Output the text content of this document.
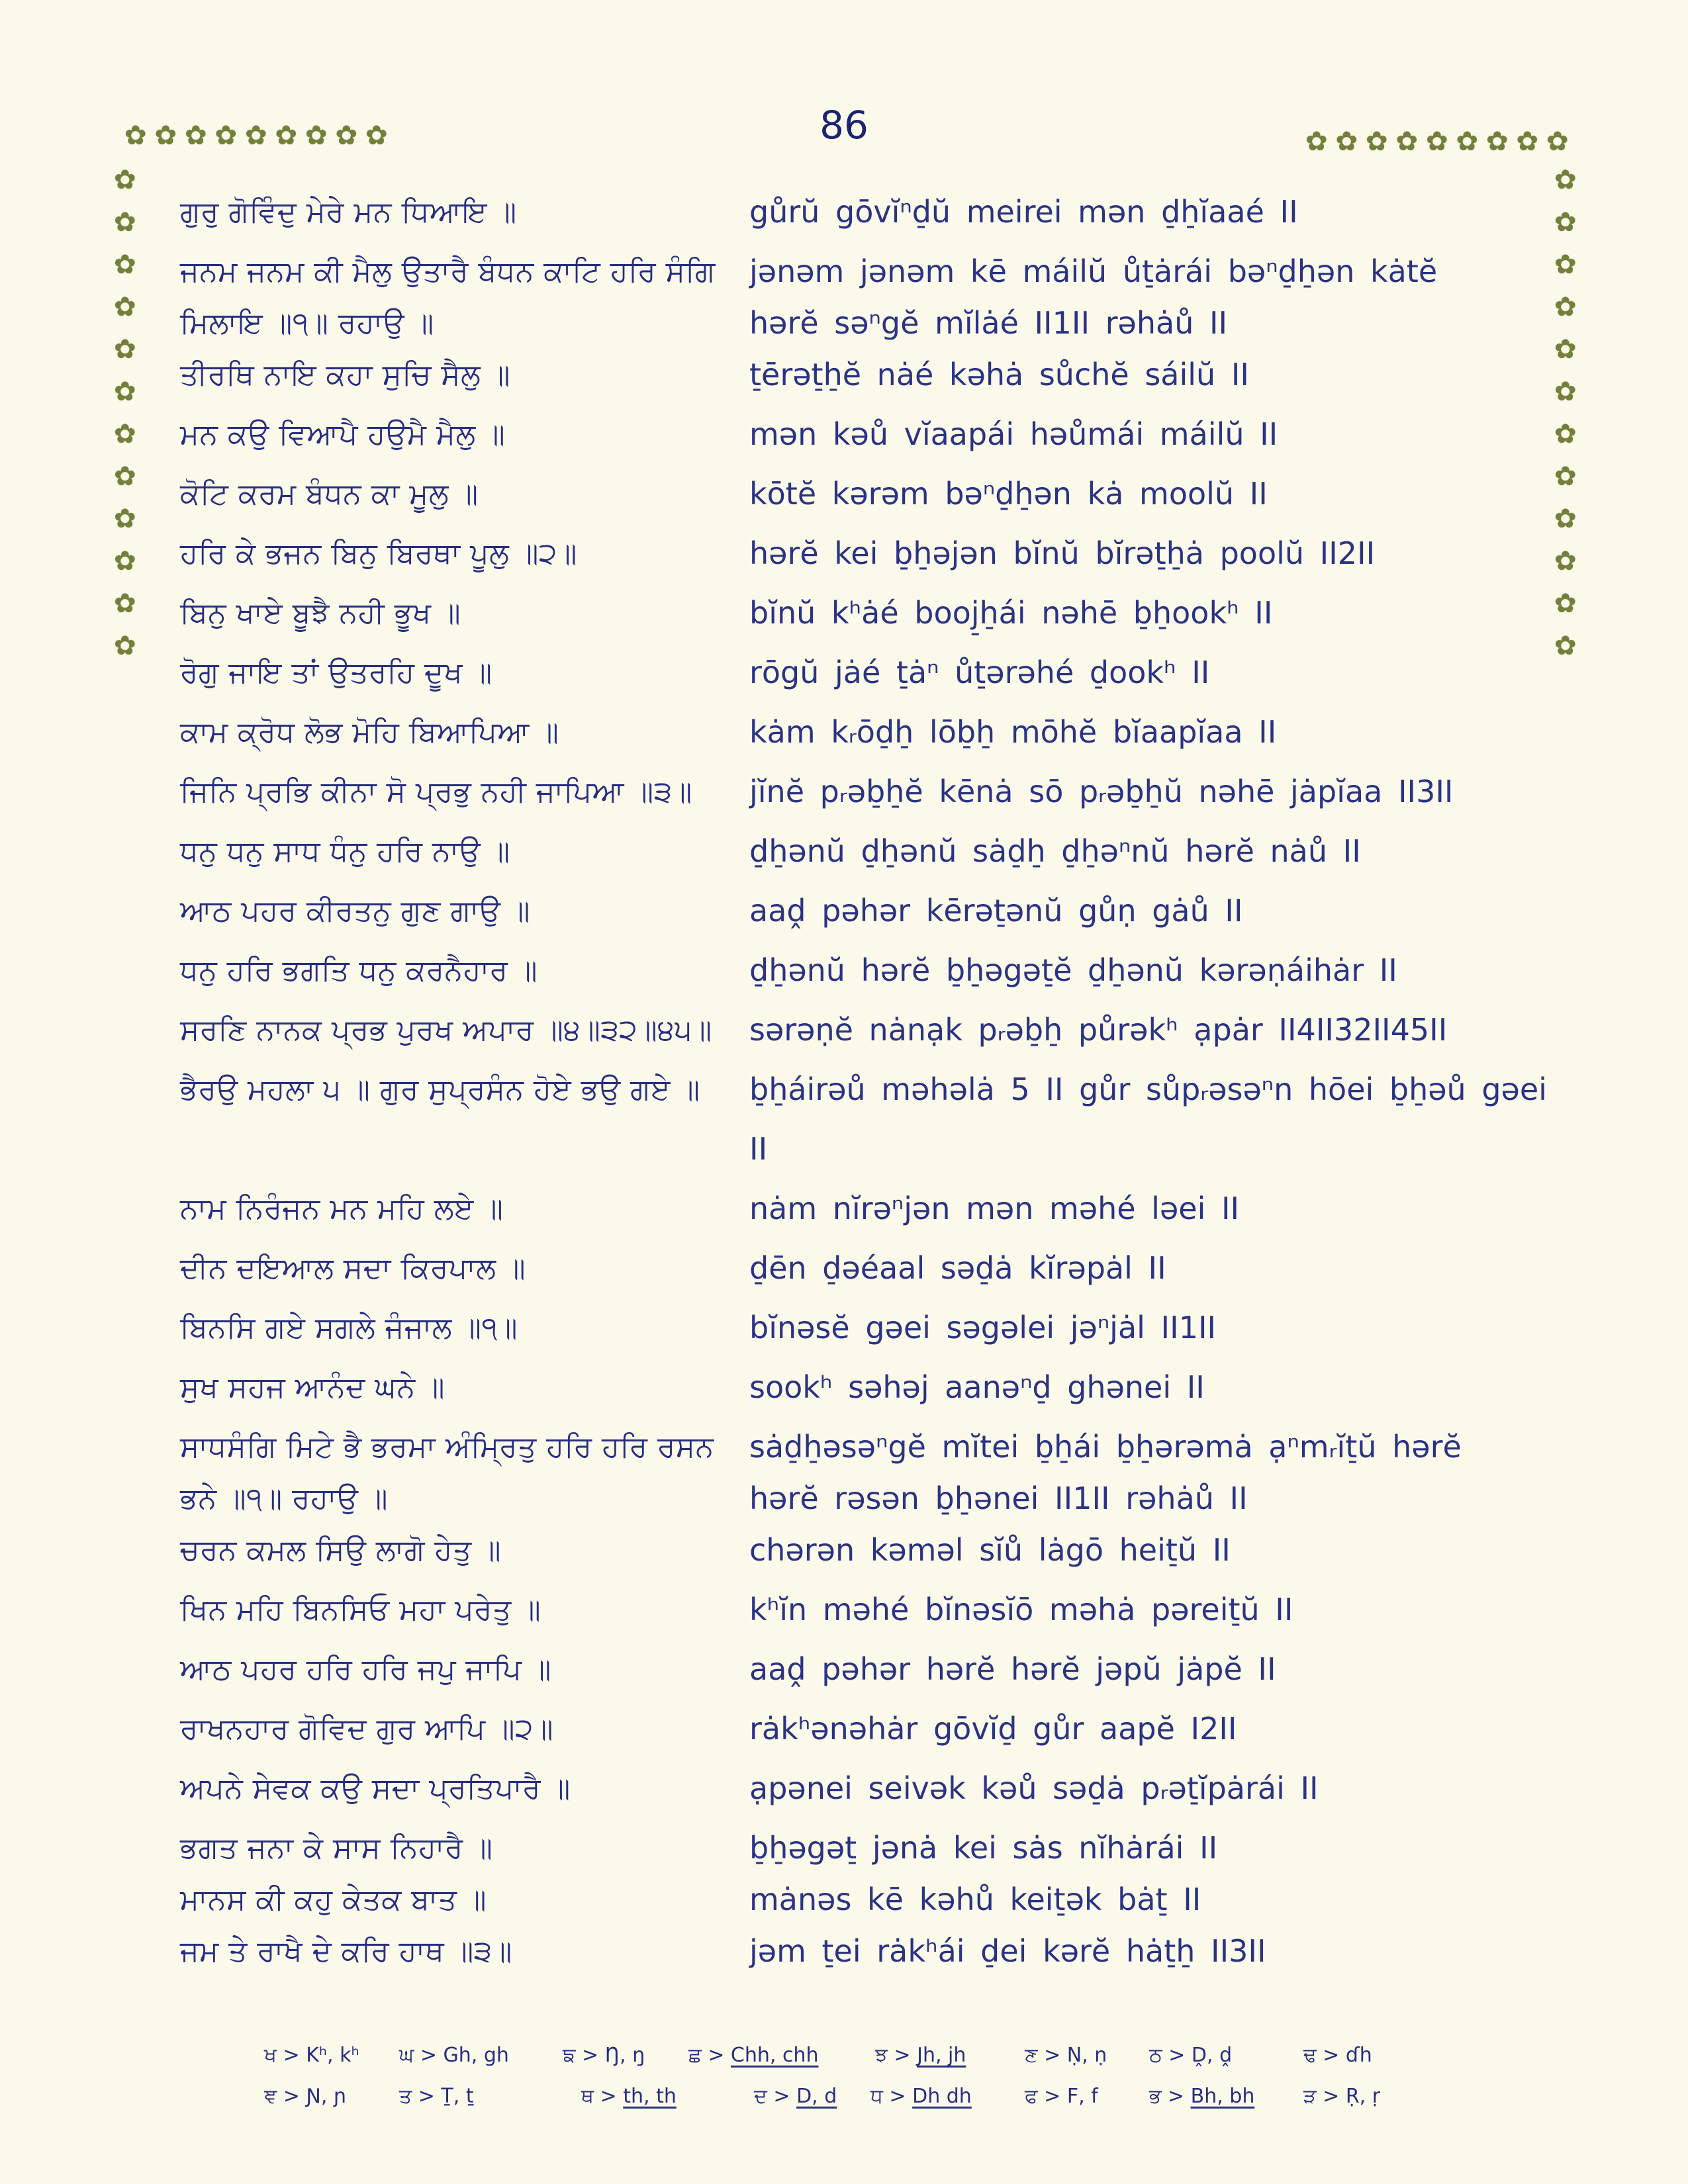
86
✿ ✿ ✿ ✿ ✿ ✿ ✿ ✿ ✿
✿
✿
✿
✿
✿
✿
✿
✿
✿
✿
✿
✿
✿ ✿ ✿ ✿ ✿ ✿ ✿ ✿ ✿
✿
✿
✿
✿
✿
✿
✿
✿
✿
✿
✿
✿
ਗੁਰੁ ਗੋਵਿੰਦੁ ਮੇਰੇ ਮਨ ਧਿਆਇ ॥	gůrŭ gōvĭⁿd̠ŭ meirei mən d̠h̠ĭaaé II
ਜਨਮ ਜਨਮ ਕੀ ਮੈਲੁ ਉਤਾਰੈ ਬੰਧਨ ਕਾਟਿ ਹਰਿ ਸੰਗਿ	jənəm jənəm kē máilŭ ůt̠ȧrái bəⁿd̠h̠ən kȧtĕ
ਮਿਲਾਇ ॥੧॥ ਰਹਾਉ ॥	hərĕ səⁿgĕ mĭlȧé II1II rəhȧů II
ਤੀਰਥਿ ਨਾਇ ਕਹਾ ਸੁਚਿ ਸੈਲੁ ॥	t̠ērət̠h̠ĕ nȧé kəhȧ sůchĕ sáilŭ II
ਮਨ ਕਉ ਵਿਆਪੈ ਹਉਮੈ ਮੈਲੁ ॥	mən kəů vĭaapái həůmái máilŭ II
ਕੋਟਿ ਕਰਮ ਬੰਧਨ ਕਾ ਮੂਲੁ ॥	kōtĕ kərəm bəⁿd̠h̠ən kȧ moolŭ II
ਹਰਿ ਕੇ ਭਜਨ ਬਿਨੁ ਬਿਰਥਾ ਪੂਲੁ ॥੨॥	hərĕ kei b̠h̠əjən bĭnŭ bĭrət̠h̠ȧ poolŭ II2II
ਬਿਨੁ ਖਾਏ ਬੂਝੈ ਨਹੀ ਭੂਖ ॥	bĭnŭ kʰȧé booj̠h̠ái nəhē b̠h̠ookʰ II
ਰੋਗੁ ਜਾਇ ਤਾਂ ਉਤਰਹਿ ਦੂਖ ॥	rōgŭ jȧé t̠ȧⁿ ůt̠ərəhé d̠ookʰ II
ਕਾਮ ਕ੍ਰੋਧ ਲੋਭ ਮੋਹਿ ਬਿਆਪਿਆ ॥	kȧm kᵣōd̠h̠ lōb̠h̠ mōhĕ bĭaapĭaa II
ਜਿਨਿ ਪ੍ਰਭਿ ਕੀਨਾ ਸੋ ਪ੍ਰਭੁ ਨਹੀ ਜਾਪਿਆ ॥੩॥	jĭnĕ pᵣəb̠h̠ĕ kēnȧ sō pᵣəb̠h̠ŭ nəhē jȧpĭaa II3II
ਧਨੁ ਧਨੁ ਸਾਧ ਧੰਨੁ ਹਰਿ ਨਾਉ ॥	d̠h̠ənŭ d̠h̠ənŭ sȧd̠h̠ d̠h̠əⁿnŭ hərĕ nȧů II
ਆਠ ਪਹਰ ਕੀਰਤਨੁ ਗੁਣ ਗਾਉ ॥	aaḓ pəhər kērət̠ənŭ gůṇ gȧů II
ਧਨੁ ਹਰਿ ਭਗਤਿ ਧਨੁ ਕਰਨੈਹਾਰ ॥	d̠h̠ənŭ hərĕ b̠h̠əgət̠ĕ d̠h̠ənŭ kərəṇáihȧr II
ਸਰਣਿ ਨਾਨਕ ਪ੍ਰਭ ਪੁਰਖ ਅਪਾਰ ॥੪॥੩੨॥੪੫॥	sərəṇĕ nȧnạk pᵣəb̠h̠ půrəkʰ ạpȧr II4II32II45II
ਭੈਰਉ ਮਹਲਾ ੫ ॥ ਗੁਰ ਸੁਪ੍ਰਸੰਨ ਹੋਏ ਭਉ ਗਏ ॥	b̠h̠áirəů məhəlȧ 5 II gůr sůpᵣəsəⁿn hōei b̠h̠əů gəei
II
ਨਾਮ ਨਿਰੰਜਨ ਮਨ ਮਹਿ ਲਏ ॥	nȧm nĭrəⁿjən mən məhé ləei II
ਦੀਨ ਦਇਆਲ ਸਦਾ ਕਿਰਪਾਲ ॥	d̠ēn d̠əéaal səd̠ȧ kĭrəpȧl II
ਬਿਨਸਿ ਗਏ ਸਗਲੇ ਜੰਜਾਲ ॥੧॥	bĭnəsĕ gəei səgəlei jəⁿjȧl II1II
ਸੁਖ ਸਹਜ ਆਨੰਦ ਘਨੇ ॥	sookʰ səhəj aanəⁿd̠ ghənei II
ਸਾਧਸੰਗਿ ਮਿਟੇ ਭੈ ਭਰਮਾ ਅੰਮ੍ਰਿਤੁ ਹਰਿ ਹਰਿ ਰਸਨ	sȧd̠h̠əsəⁿgĕ mĭtei b̠h̠ái b̠h̠ərəmȧ ạⁿmᵣĭt̠ŭ hərĕ
ਭਨੇ ॥੧॥ ਰਹਾਉ ॥	hərĕ rəsən b̠h̠ənei II1II rəhȧů II
ਚਰਨ ਕਮਲ ਸਿਉ ਲਾਗੋ ਹੇਤੁ ॥	chərən kəməl sĭů lȧgō heit̠ŭ II
ਖਿਨ ਮਹਿ ਬਿਨਸਿਓ ਮਹਾ ਪਰੇਤੁ ॥	kʰĭn məhé bĭnəsĭō məhȧ pəreit̠ŭ II
ਆਠ ਪਹਰ ਹਰਿ ਹਰਿ ਜਪੁ ਜਾਪਿ ॥	aaḓ pəhər hərĕ hərĕ jəpŭ jȧpĕ II
ਰਾਖਨਹਾਰ ਗੋਵਿਦ ਗੁਰ ਆਪਿ ॥੨॥	rȧkʰənəhȧr gōvĭd̠ gůr aapĕ I2II
ਅਪਨੇ ਸੇਵਕ ਕਉ ਸਦਾ ਪ੍ਰਤਿਪਾਰੈ ॥	ạpənei seivək kəů səd̠ȧ pᵣət̠ĭpȧrái II
ਭਗਤ ਜਨਾ ਕੇ ਸਾਸ ਨਿਹਾਰੈ ॥	b̠h̠əgət̠ jənȧ kei sȧs nĭhȧrái II
ਮਾਨਸ ਕੀ ਕਹੁ ਕੇਤਕ ਬਾਤ ॥	mȧnəs kē kəhů keit̠ək bȧt̠ II
ਜਮ ਤੇ ਰਾਖੈ ਦੇ ਕਰਿ ਹਾਥ ॥੩॥	jəm t̠ei rȧkʰái d̠ei kərĕ hȧt̠h̠ II3II
ਖ > Kʰ, kʰ ਘ > Gh, gh	ਙ > Ŋ, ŋ ਛ > Chh, chh	ਝ > Jh, jh	ਣ > Ṇ, ṇ ਠ > Ḓ, ḓ	ਢ > ɗh
ਞ > Ɲ, ɲ	ਤ > Ṯ, ṯ	ਥ > th, th	ਦ > D, d ਧ > Dh dh	ਫ > F, f	ਭ > Bh, bh ੜ > Ṛ, ṛ
